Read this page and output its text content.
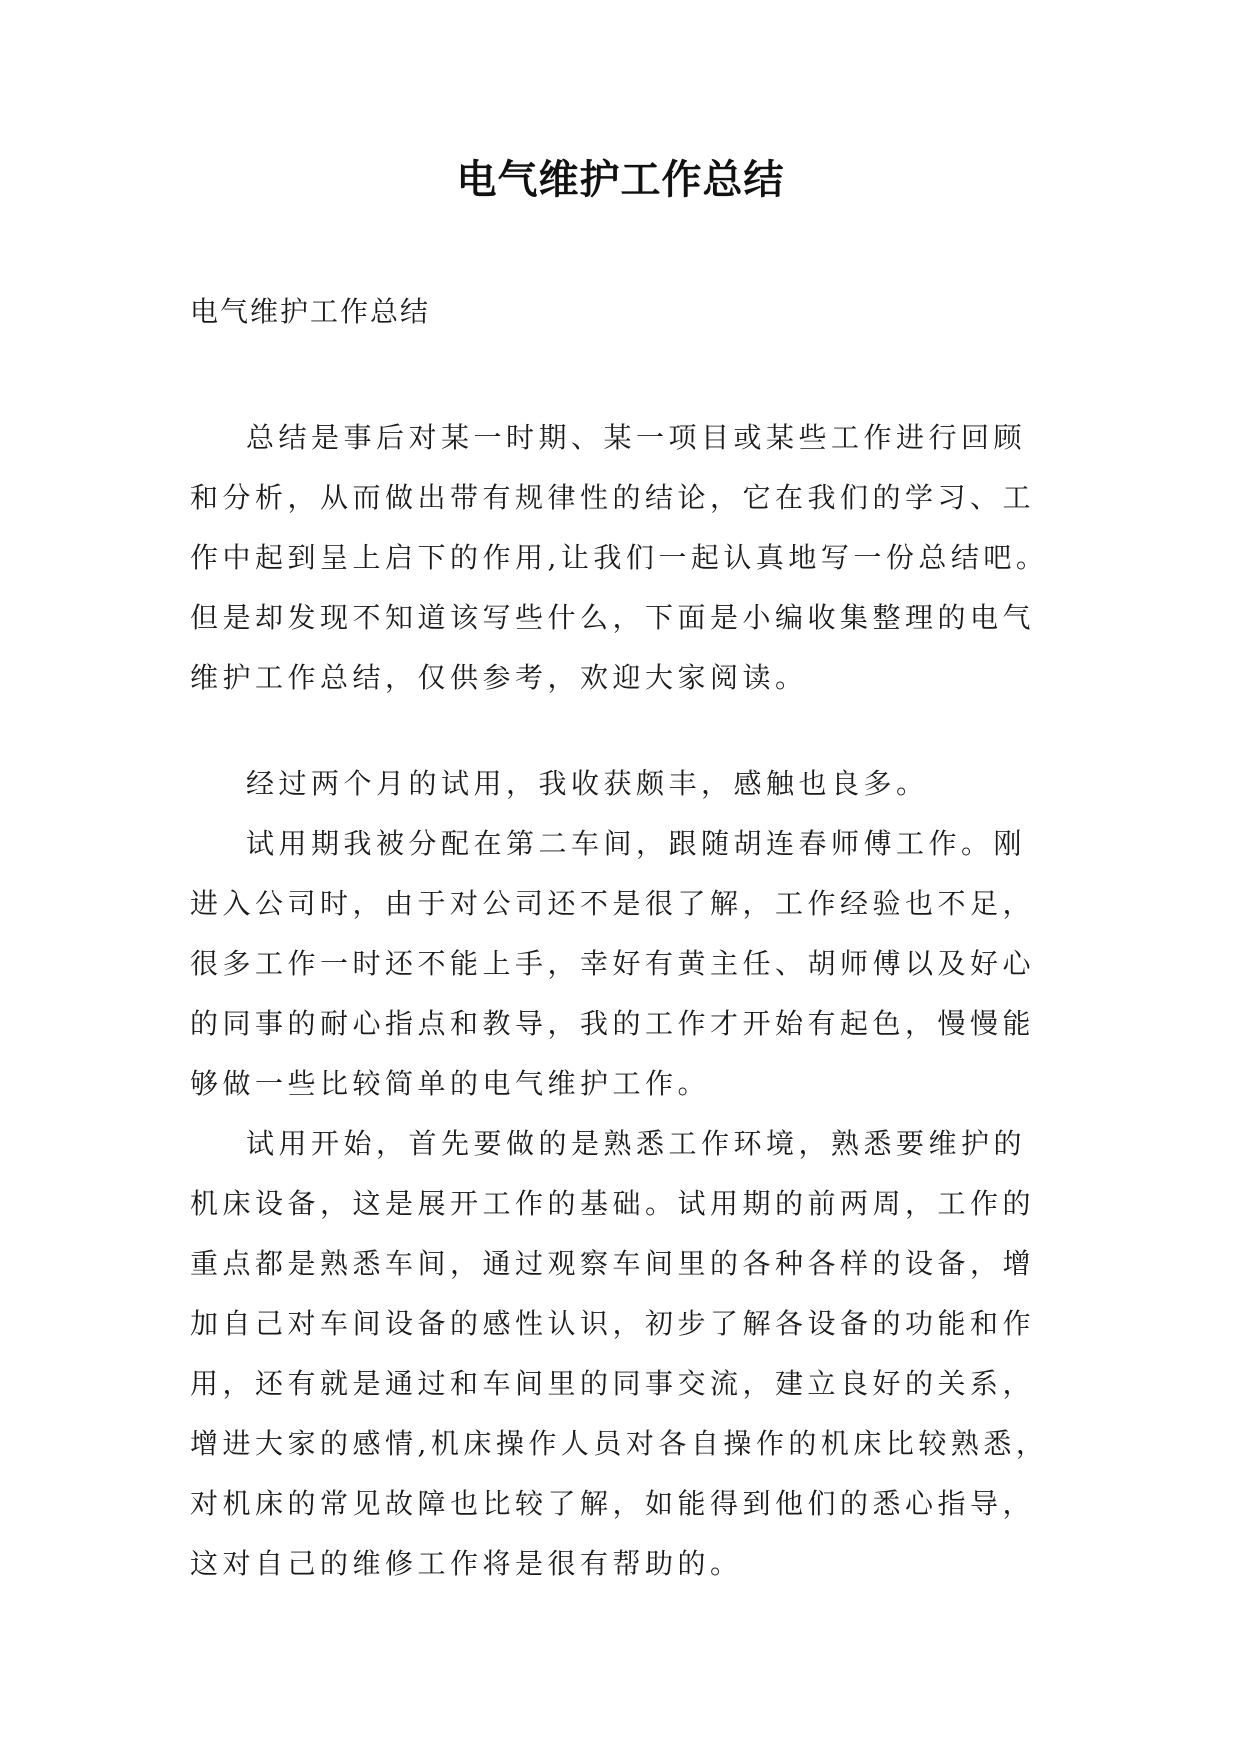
电气维护工作总结
电气维护工作总结

总结是事后对某一时期、某一项目或某些工作进行回顾和分析，从而做出带有规律性的结论，它在我们的学习、工作中起到呈上启下的作用,让我们一起认真地写一份总结吧。但是却发现不知道该写些什么，下面是小编收集整理的电气维护工作总结，仅供参考，欢迎大家阅读。

经过两个月的试用，我收获颇丰，感触也良多。

试用期我被分配在第二车间，跟随胡连春师傅工作。刚进入公司时，由于对公司还不是很了解，工作经验也不足，很多工作一时还不能上手，幸好有黄主任、胡师傅以及好心的同事的耐心指点和教导，我的工作才开始有起色，慢慢能够做一些比较简单的电气维护工作。

试用开始，首先要做的是熟悉工作环境，熟悉要维护的机床设备，这是展开工作的基础。试用期的前两周，工作的重点都是熟悉车间，通过观察车间里的各种各样的设备，增加自己对车间设备的感性认识，初步了解各设备的功能和作用，还有就是通过和车间里的同事交流，建立良好的关系，增进大家的感情,机床操作人员对各自操作的机床比较熟悉，对机床的常见故障也比较了解，如能得到他们的悉心指导，这对自己的维修工作将是很有帮助的。
